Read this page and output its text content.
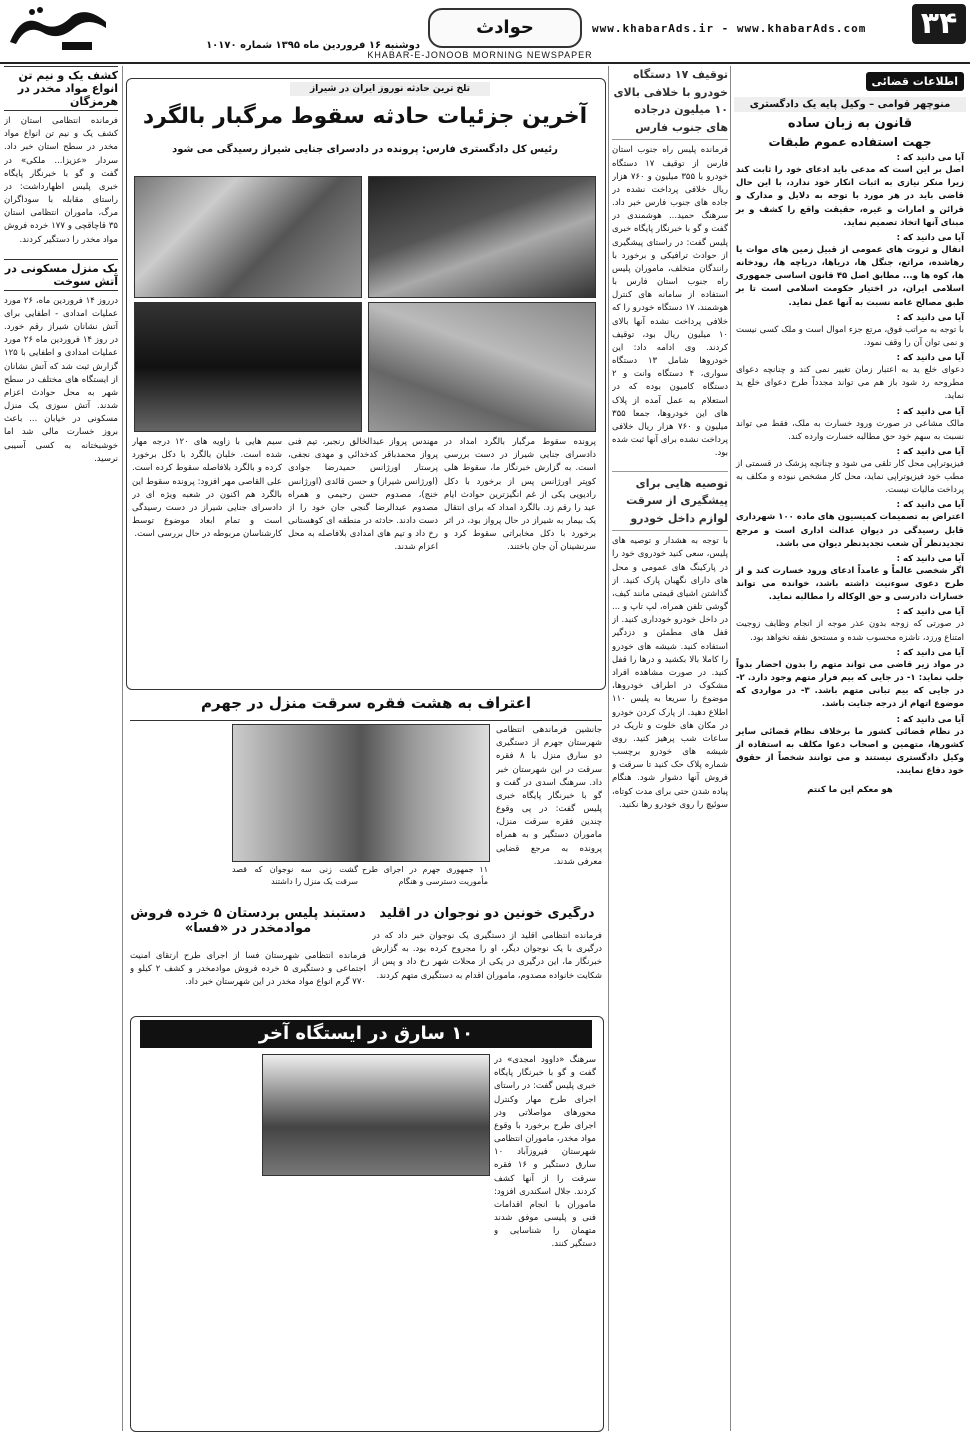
۳۴
www.khabarAds.ir - www.khabarAds.com
حوادث
دوشنبه ۱۶ فروردین ماه ۱۳۹۵ شماره ۱۰۱۷۰
KHABAR-E-JONOOB MORNING NEWSPAPER
اطلاعات قضائی
منوچهر قوامی – وکیل پایه یک دادگستری
قانون به زبان ساده
جهت استفاده عموم طبقات
آیا می دانید که :

اصل بر این است که مدعی باید ادعای خود را ثابت کند زیرا منکر نیازی به اثبات انکار خود ندارد، با این حال قاضی باید در هر مورد با توجه به دلایل و مدارک و قرائن و امارات و غیره، حقیقت واقع را کشف و بر مبنای آنها اتخاذ تصمیم نماید.

آیا می دانید که :

انفال و ثروت های عمومی از قبیل زمین های موات یا رهاشده، مراتع، جنگل ها، دریاها، دریاچه ها، رودخانه ها، کوه ها و... مطابق اصل ۴۵ قانون اساسی جمهوری اسلامی ایران، در اختیار حکومت اسلامی است تا بر طبق مصالح عامه نسبت به آنها عمل نماید.

آیا می دانید که :

با توجه به مراتب فوق، مرتع جزء اموال است و ملک کسی نیست و نمی توان آن را وقف نمود.

آیا می دانید که :

دعوای خلع ید به اعتبار زمان تغییر نمی کند و چنانچه دعوای مطروحه رد شود باز هم می تواند مجدداً طرح دعوای خلع ید نماید.

آیا می دانید که :

مالک مشاعی در صورت ورود خسارت به ملک، فقط می تواند نسبت به سهم خود حق مطالبه خسارت وارده کند.

آیا می دانید که :

فیزیوتراپی محل کار تلقی می شود و چنانچه پزشک در قسمتی از مطب خود فیزیوتراپی نماید، محل کار مشخص نبوده و مکلف به پرداخت مالیات نیست.

آیا می دانید که :

اعتراض به تصمیمات کمیسیون های ماده ۱۰۰ شهرداری قابل رسیدگی در دیوان عدالت اداری است و مرجع تجدیدنظر آن شعب تجدیدنظر دیوان می باشد.

آیا می دانید که :

اگر شخصی عالماً و عامداً ادعای ورود خسارت کند و از طرح دعوی سوءنیت داشته باشد، خوانده می تواند خسارات دادرسی و حق الوکاله را مطالبه نماید.

آیا می دانید که :

در صورتی که زوجه بدون عذر موجه از انجام وظایف زوجیت امتناع ورزد، ناشزه محسوب شده و مستحق نفقه نخواهد بود.

آیا می دانید که :

در مواد زیر قاضی می تواند متهم را بدون احضار بدواً جلب نماید: ۱- در جایی که بیم فرار متهم وجود دارد. ۲- در جایی که بیم تبانی متهم باشد. ۳- در مواردی که موضوع اتهام از درجه جنایت باشد.

آیا می دانید که :

در نظام قضائی کشور ما برخلاف نظام قضائی سایر کشورها، متهمین و اصحاب دعوا مکلف به استفاده از وکیل دادگستری نیستند و می توانند شخصاً از حقوق خود دفاع نمایند.

هو معکم این ما کنتم

توقیف ۱۷ دستگاه خودرو با خلافی بالای ۱۰ میلیون درجاده های جنوب فارس
فرمانده پلیس راه جنوب استان فارس از توقیف ۱۷ دستگاه خودرو با ۳۵۵ میلیون و ۷۶۰ هزار ریال خلافی پرداخت نشده در جاده های جنوب فارس خبر داد. سرهنگ حمید... هوشمندی در گفت و گو با خبرنگار پایگاه خبری پلیس گفت: در راستای پیشگیری از حوادث ترافیکی و برخورد با رانندگان متخلف، ماموران پلیس راه جنوب استان فارس با استفاده از سامانه های کنترل هوشمند، ۱۷ دستگاه خودرو را که خلافی پرداخت نشده آنها بالای ۱۰ میلیون ریال بود، توقیف کردند. وی ادامه داد: این خودروها شامل ۱۳ دستگاه سواری، ۴ دستگاه وانت و ۲ دستگاه کامیون بوده که در استعلام به عمل آمده از پلاک های این خودروها، جمعا ۳۵۵ میلیون و ۷۶۰ هزار ریال خلافی پرداخت نشده برای آنها ثبت شده بود.
توصیه هایی برای پیشگیری از سرقت لوازم داخل خودرو
با توجه به هشدار و توصیه های پلیس، سعی کنید خودروی خود را در پارکینگ های عمومی و محل های دارای نگهبان پارک کنید. از گذاشتن اشیای قیمتی مانند کیف، گوشی تلفن همراه، لپ تاپ و ... در داخل خودرو خودداری کنید. از قفل های مطمئن و دزدگیر استفاده کنید. شیشه های خودرو را کاملا بالا بکشید و درها را قفل کنید. در صورت مشاهده افراد مشکوک در اطراف خودروها، موضوع را سریعا به پلیس ۱۱۰ اطلاع دهید. از پارک کردن خودرو در مکان های خلوت و تاریک در ساعات شب پرهیز کنید. روی شیشه های خودرو برچسب شماره پلاک حک کنید تا سرقت و فروش آنها دشوار شود. هنگام پیاده شدن حتی برای مدت کوتاه، سوئیچ را روی خودرو رها نکنید.
تلخ ترین حادثه نوروز ایران در شیراز
آخرین جزئیات حادثه سقوط مرگبار بالگرد
رئیس کل دادگستری فارس: پرونده در دادسرای جنایی شیراز رسیدگی می شود
پرونده سقوط مرگبار بالگرد امداد در دادسرای جنایی شیراز در دست بررسی است. به گزارش خبرنگار ما، سقوط هلی کوپتر اورژانس پس از برخورد با دکل رادیویی یکی از غم انگیزترین حوادث ایام عید را رقم زد. بالگرد امداد که برای انتقال یک بیمار به شیراز در حال پرواز بود، در اثر برخورد با دکل مخابراتی سقوط کرد و سرنشینان آن جان باختند.
مهندس پرواز عبدالخالق رنجبر، تیم فنی پرواز محمدباقر کدخدائی و مهدی نجفی، پرستار اورژانس حمیدرضا جوادی (اورژانس شیراز) و حسن قائدی (اورژانس خنج)، مصدوم حسن رحیمی و همراه مصدوم عبدالرضا گنجی جان خود را از دست دادند. حادثه در منطقه ای کوهستانی رخ داد و تیم های امدادی بلافاصله به محل اعزام شدند.
سیم هایی با زاویه های ۱۲۰ درجه مهار شده است. خلبان بالگرد با دکل برخورد کرده و بالگرد بلافاصله سقوط کرده است. علی القاصی مهر افزود: پرونده سقوط این بالگرد هم اکنون در شعبه ویژه ای در دادسرای جنایی شیراز در دست رسیدگی است و تمام ابعاد موضوع توسط کارشناسان مربوطه در حال بررسی است.
اعتراف به هشت فقره سرقت منزل در جهرم
جانشین فرماندهی انتظامی شهرستان جهرم از دستگیری دو سارق منزل با ۸ فقره سرقت در این شهرستان خبر داد. سرهنگ اسدی در گفت و گو با خبرنگار پایگاه خبری پلیس گفت: در پی وقوع چندین فقره سرقت منزل، ماموران دستگیر و به همراه پرونده به مرجع قضایی معرفی شدند.
۱۱ جمهوری جهرم در اجرای طرح مأموریت دسترسی و هنگام
گشت زنی سه نوجوان که قصد سرقت یک منزل را داشتند

درگیری خونین دو نوجوان در اقلید
فرمانده انتظامی اقلید از دستگیری یک نوجوان خبر داد که در درگیری با یک نوجوان دیگر، او را مجروح کرده بود. به گزارش خبرنگار ما، این درگیری در یکی از محلات شهر رخ داد و پس از شکایت خانواده مصدوم، ماموران اقدام به دستگیری متهم کردند.
دستبند پلیس بردستان ۵ خرده فروش موادمخدر در «فسا»
فرمانده انتظامی شهرستان فسا از اجرای طرح ارتقای امنیت اجتماعی و دستگیری ۵ خرده فروش موادمخدر و کشف ۲ کیلو و ۷۷۰ گرم انواع مواد مخدر در این شهرستان خبر داد.
۱۰ سارق در ایستگاه آخر
سرهنگ «داوود امجدی» در گفت و گو با خبرنگار پایگاه خبری پلیس گفت: در راستای اجرای طرح مهار وکنترل محورهای مواصلاتی ودر اجرای طرح برخورد با وقوع مواد مخدر، ماموران انتظامی شهرستان فیروزآباد ۱۰ سارق دستگیر و ۱۶ فقره سرقت را از آنها کشف کردند. جلال اسکندری افزود: ماموران با انجام اقدامات فنی و پلیسی موفق شدند متهمان را شناسایی و دستگیر کنند.
کشف یک و نیم تن انواع مواد مخدر در هرمزگان
فرمانده انتظامی استان از کشف یک و نیم تن انواع مواد مخدر در سطح استان خبر داد. سردار «عزیزا... ملکی» در گفت و گو با خبرنگار پایگاه خبری پلیس اظهارداشت: در راستای مقابله با سوداگران مرگ، ماموران انتظامی استان ۳۵ قاچاقچی و ۱۷۷ خرده فروش مواد مخدر را دستگیر کردند.
یک منزل مسکونی در آتش سوخت
درروز ۱۴ فروردین ماه، ۲۶ مورد عملیات امدادی - اطفایی برای آتش نشانان شیراز رقم خورد. در روز ۱۴ فروردین ماه ۲۶ مورد عملیات امدادی و اطفایی با ۱۲۵ گزارش ثبت شد که آتش نشانان از ایستگاه های مختلف در سطح شهر به محل حوادث اعزام شدند. آتش سوزی یک منزل مسکونی در خیابان ... باعث بروز خسارت مالی شد اما خوشبختانه به کسی آسیبی نرسید.
